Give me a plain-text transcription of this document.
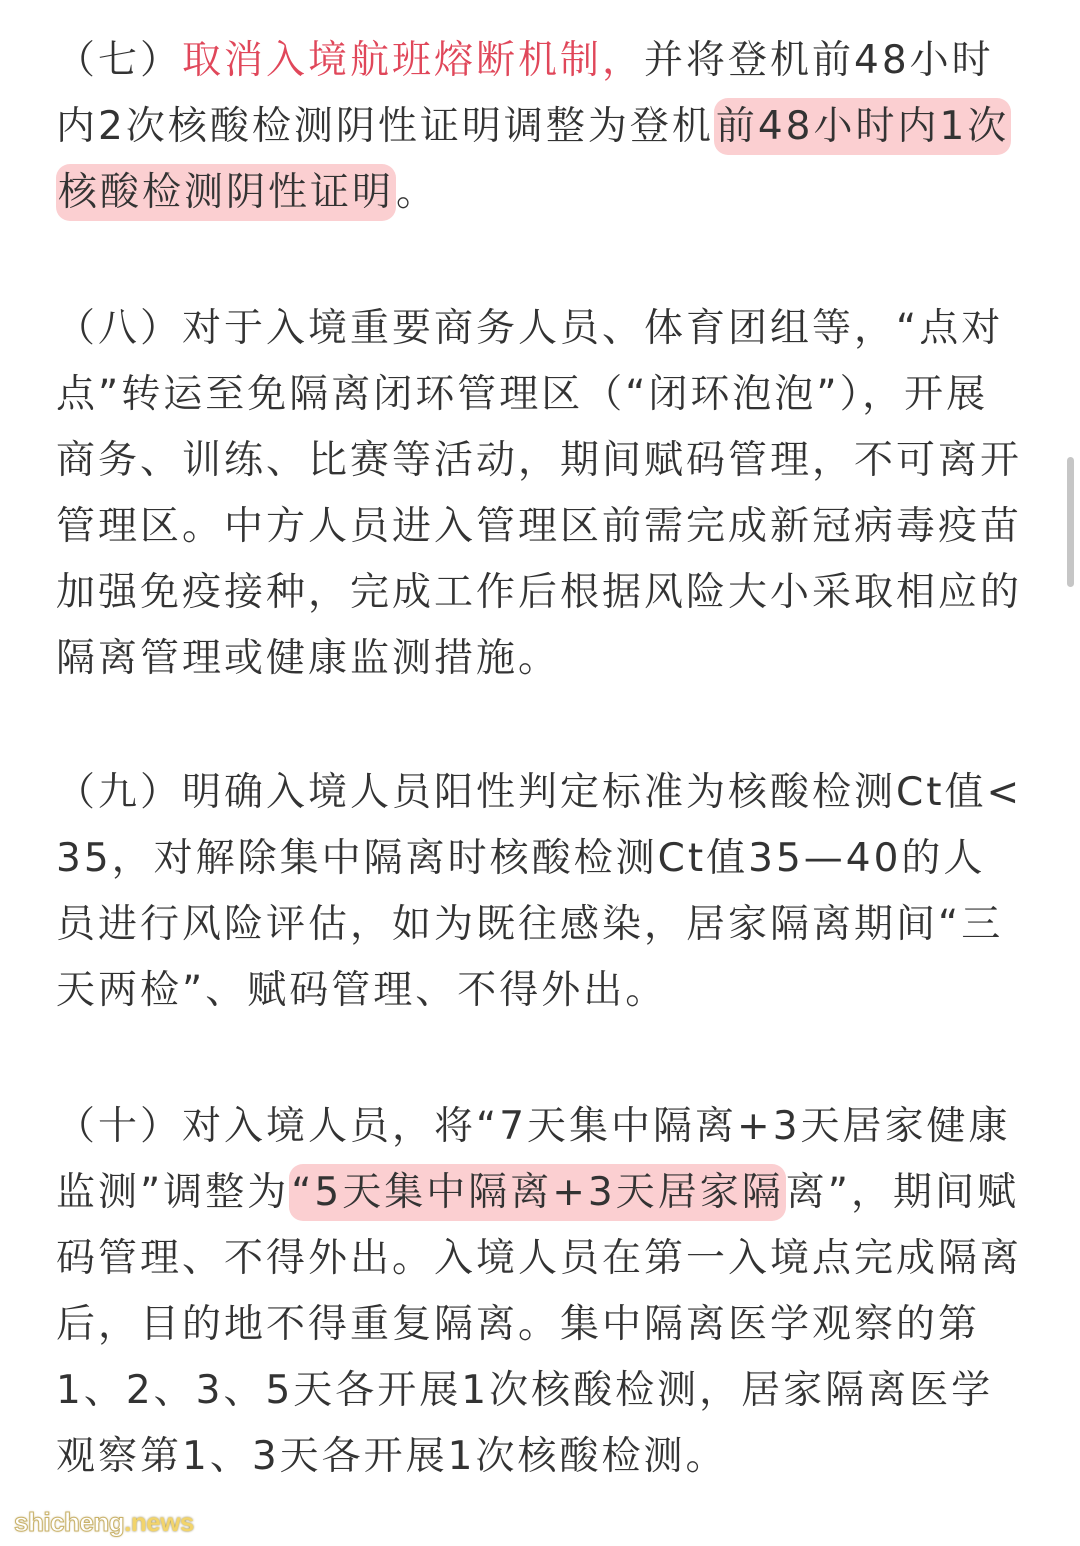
（七）取消入境航班熔断机制，并将登机前48小时内2次核酸检测阴性证明调整为登机前48小时内1次核酸检测阴性证明。

（八）对于入境重要商务人员、体育团组等，“点对点”转运至免隔离闭环管理区（“闭环泡泡”），开展商务、训练、比赛等活动，期间赋码管理，不可离开管理区。中方人员进入管理区前需完成新冠病毒疫苗加强免疫接种，完成工作后根据风险大小采取相应的隔离管理或健康监测措施。

（九）明确入境人员阳性判定标准为核酸检测Ct值<35，对解除集中隔离时核酸检测Ct值35—40的人员进行风险评估，如为既往感染，居家隔离期间“三天两检”、赋码管理、不得外出。

（十）对入境人员，将“7天集中隔离+3天居家健康监测”调整为“5天集中隔离+3天居家隔离”，期间赋码管理、不得外出。入境人员在第一入境点完成隔离后，目的地不得重复隔离。集中隔离医学观察的第1、2、3、5天各开展1次核酸检测，居家隔离医学观察第1、3天各开展1次核酸检测。

shicheng.news
